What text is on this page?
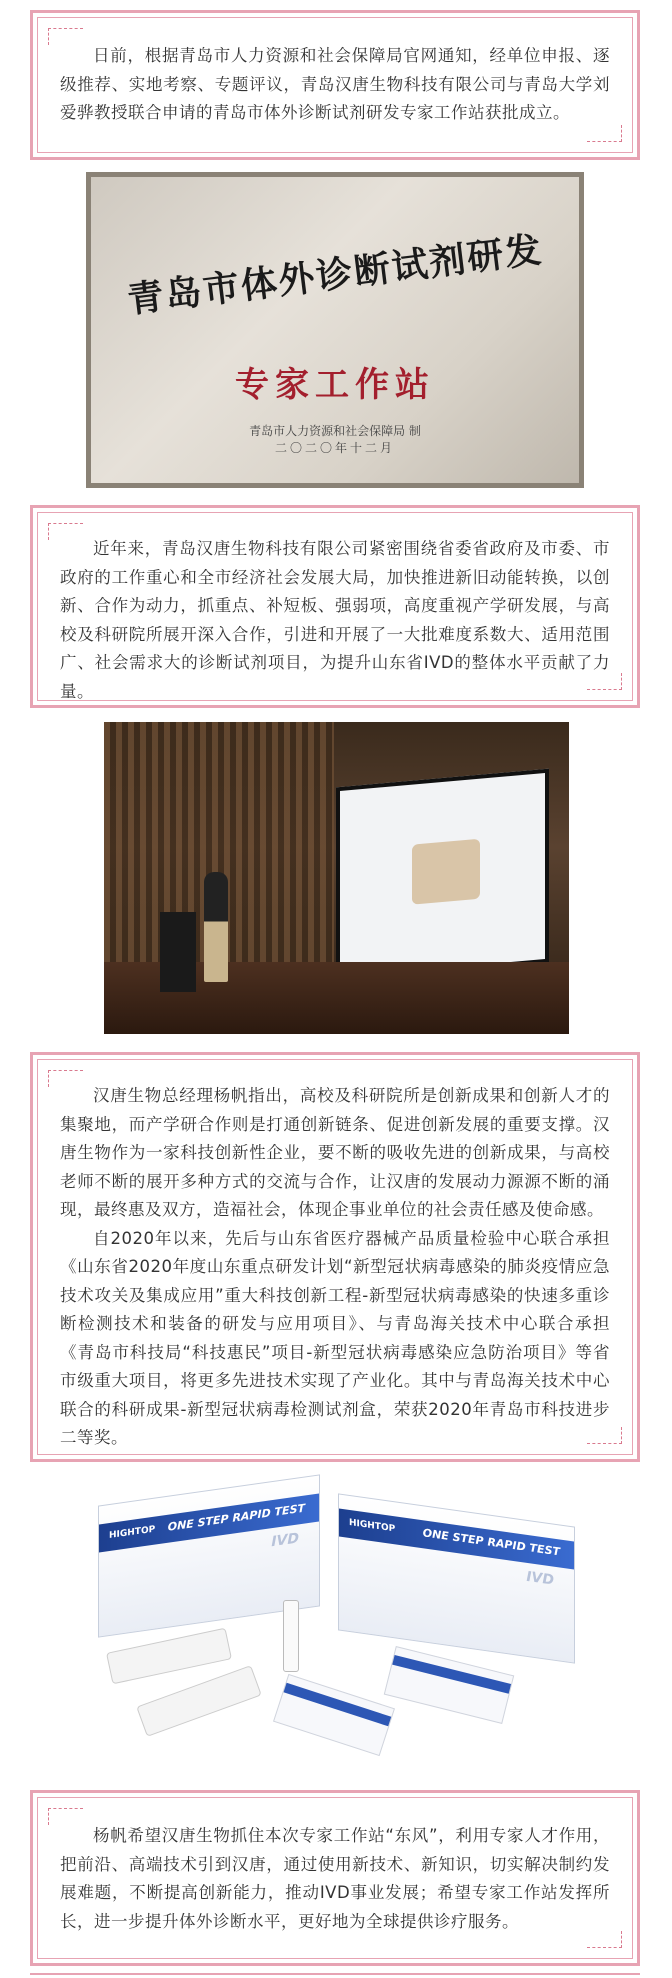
日前，根据青岛市人力资源和社会保障局官网通知，经单位申报、逐级推荐、实地考察、专题评议，青岛汉唐生物科技有限公司与青岛大学刘爱骅教授联合申请的青岛市体外诊断试剂研发专家工作站获批成立。

青岛市体外诊断试剂研发
专家工作站
青岛市人力资源和社会保障局 制
二〇二〇年十二月

近年来，青岛汉唐生物科技有限公司紧密围绕省委省政府及市委、市政府的工作重心和全市经济社会发展大局，加快推进新旧动能转换，以创新、合作为动力，抓重点、补短板、强弱项，高度重视产学研发展，与高校及科研院所展开深入合作，引进和开展了一大批难度系数大、适用范围广、社会需求大的诊断试剂项目，为提升山东省IVD的整体水平贡献了力量。

汉唐生物总经理杨帆指出，高校及科研院所是创新成果和创新人才的集聚地，而产学研合作则是打通创新链条、促进创新发展的重要支撑。汉唐生物作为一家科技创新性企业，要不断的吸收先进的创新成果，与高校老师不断的展开多种方式的交流与合作，让汉唐的发展动力源源不断的涌现，最终惠及双方，造福社会，体现企事业单位的社会责任感及使命感。

自2020年以来，先后与山东省医疗器械产品质量检验中心联合承担《山东省2020年度山东重点研发计划“新型冠状病毒感染的肺炎疫情应急技术攻关及集成应用”重大科技创新工程-新型冠状病毒感染的快速多重诊断检测技术和装备的研发与应用项目》、与青岛海关技术中心联合承担《青岛市科技局“科技惠民”项目-新型冠状病毒感染应急防治项目》等省市级重大项目，将更多先进技术实现了产业化。其中与青岛海关技术中心联合的科研成果-新型冠状病毒检测试剂盒，荣获2020年青岛市科技进步二等奖。

HIGHTOP ONE STEP RAPID TEST
IVD
HIGHTOP
ONE STEP RAPID TEST
IVD

杨帆希望汉唐生物抓住本次专家工作站“东风”，利用专家人才作用，把前沿、高端技术引到汉唐，通过使用新技术、新知识，切实解决制约发展难题，不断提高创新能力，推动IVD事业发展；希望专家工作站发挥所长，进一步提升体外诊断水平，更好地为全球提供诊疗服务。
